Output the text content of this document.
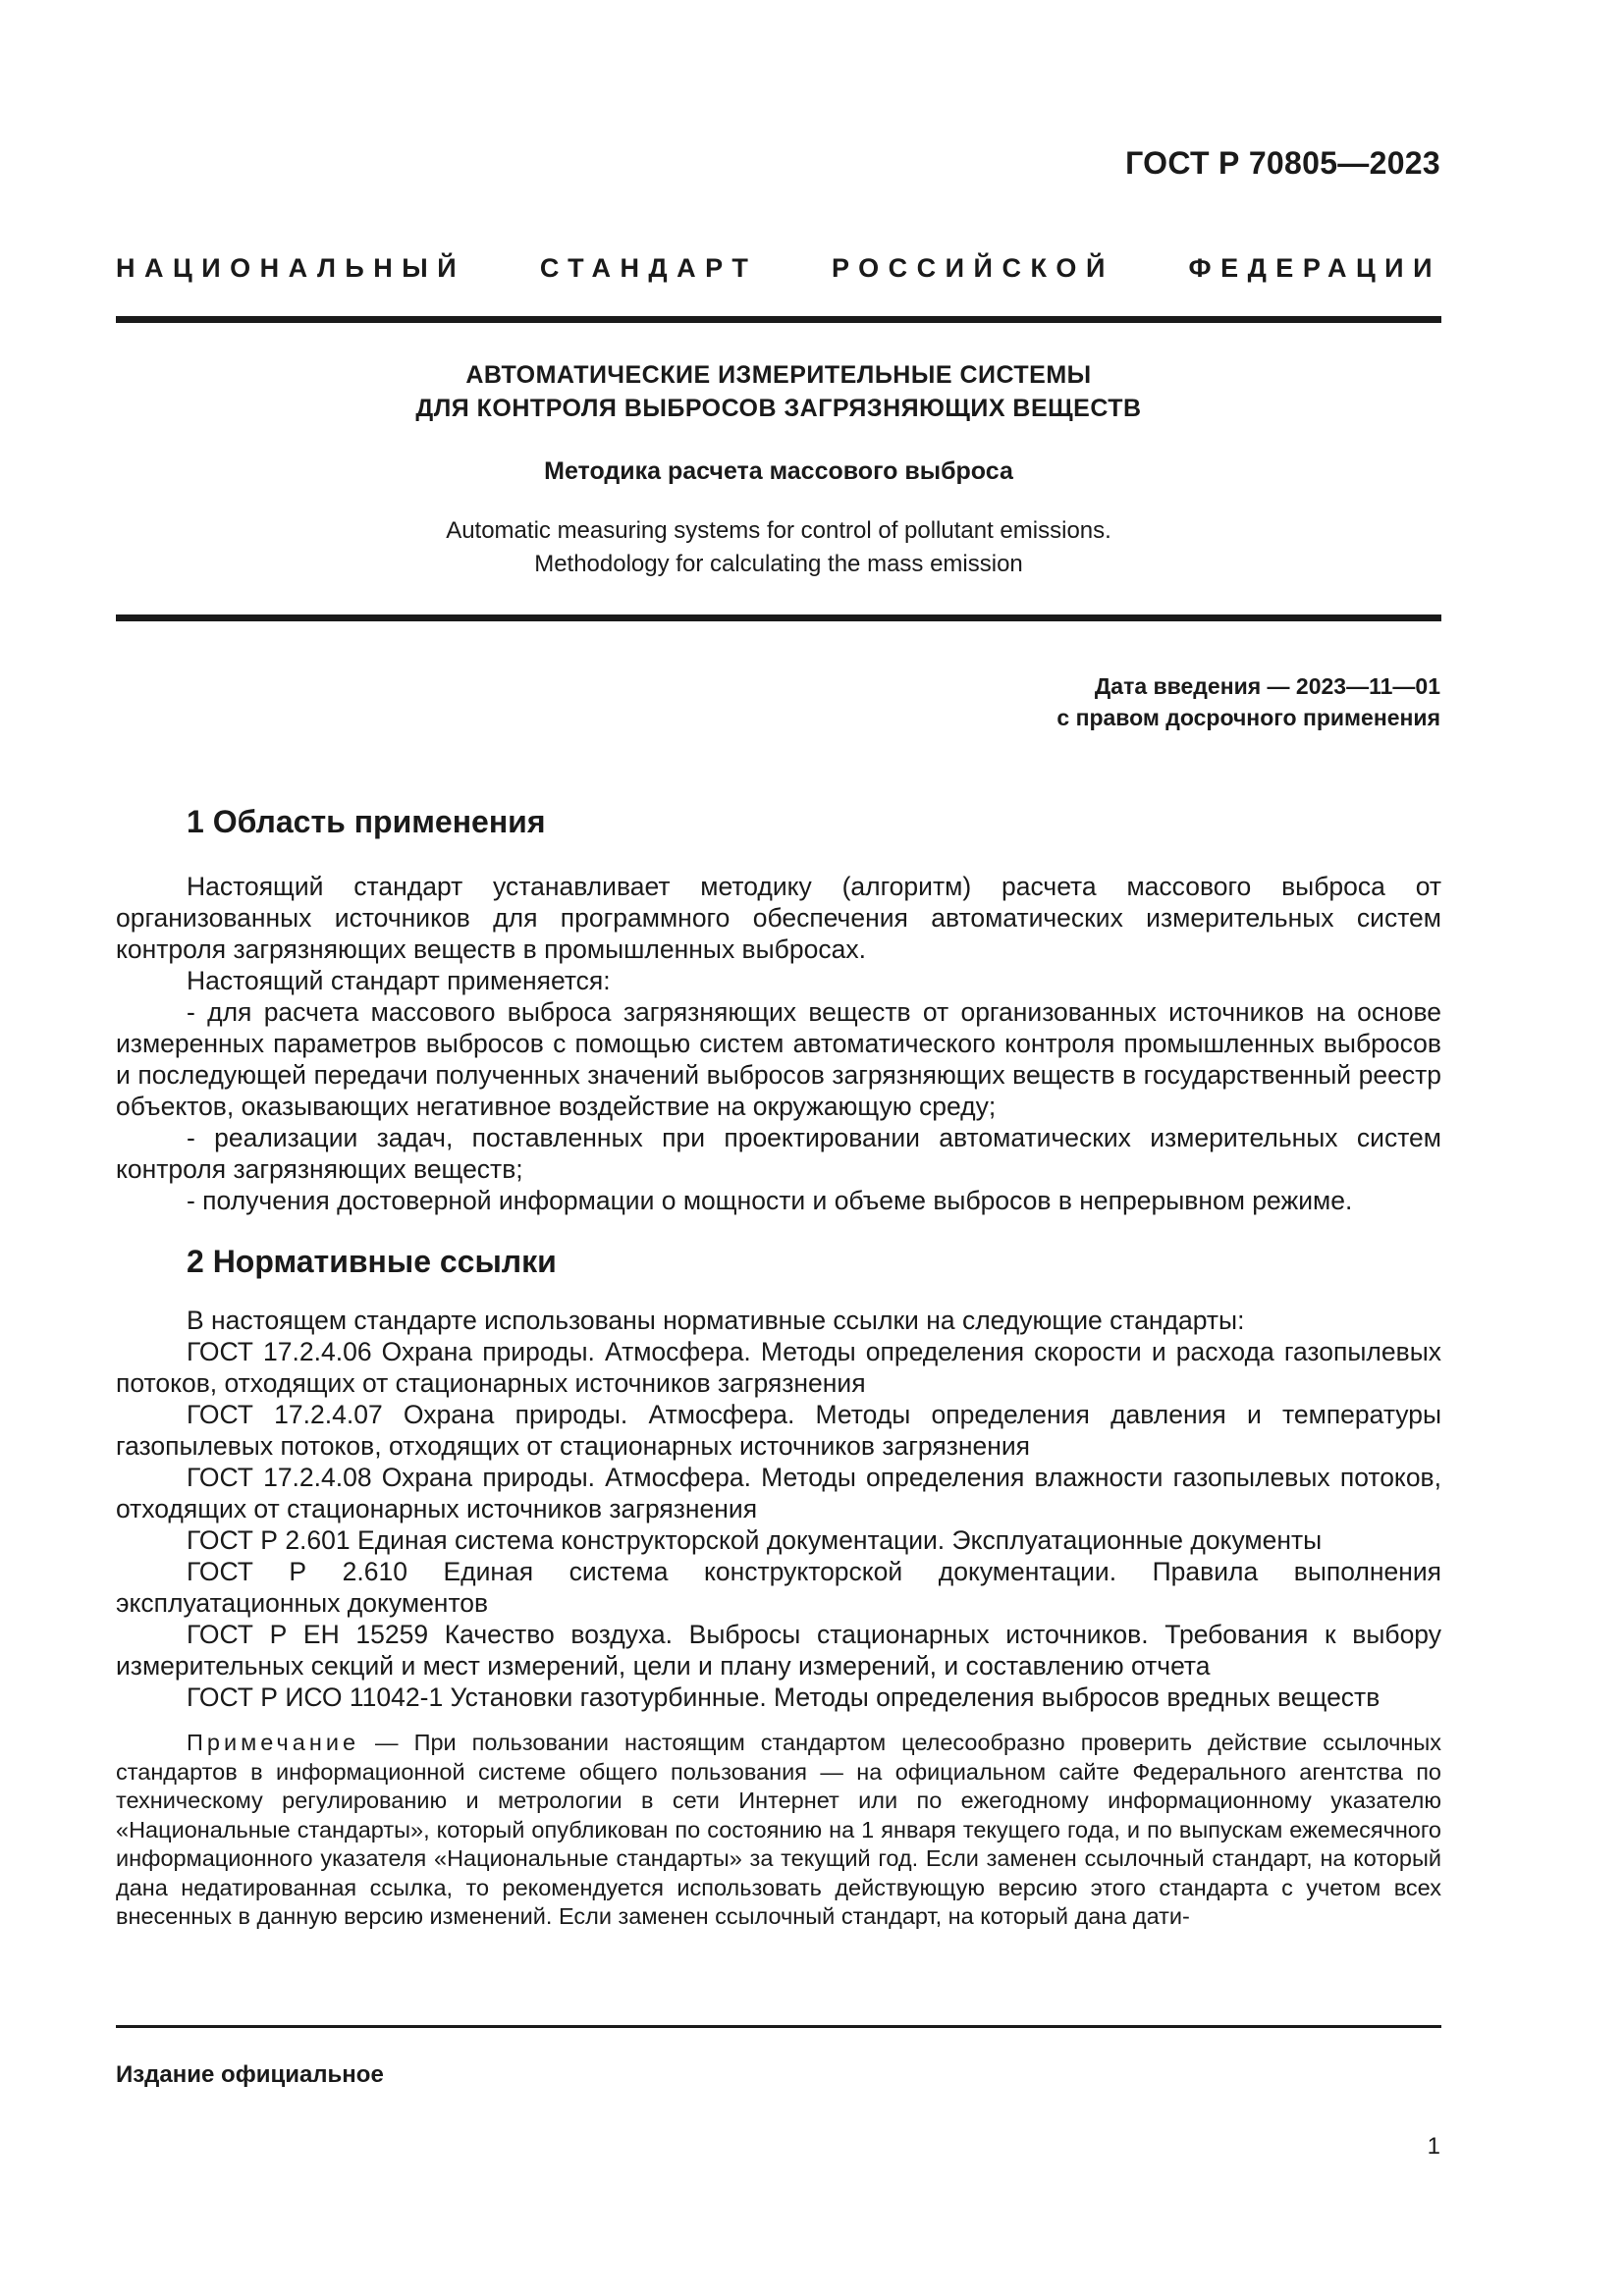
ГОСТ Р 70805—2023
НАЦИОНАЛЬНЫЙ СТАНДАРТ РОССИЙСКОЙ ФЕДЕРАЦИИ
АВТОМАТИЧЕСКИЕ ИЗМЕРИТЕЛЬНЫЕ СИСТЕМЫ
ДЛЯ КОНТРОЛЯ ВЫБРОСОВ ЗАГРЯЗНЯЮЩИХ ВЕЩЕСТВ
Методика расчета массового выброса
Automatic measuring systems for control of pollutant emissions.
Methodology for calculating the mass emission
Дата введения — 2023—11—01
с правом досрочного применения
1 Область применения

Настоящий стандарт устанавливает методику (алгоритм) расчета массового выброса от организованных источников для программного обеспечения автоматических измерительных систем контроля загрязняющих веществ в промышленных выбросах.

Настоящий стандарт применяется:

- для расчета массового выброса загрязняющих веществ от организованных источников на основе измеренных параметров выбросов с помощью систем автоматического контроля промышленных выбросов и последующей передачи полученных значений выбросов загрязняющих веществ в государственный реестр объектов, оказывающих негативное воздействие на окружающую среду;

- реализации задач, поставленных при проектировании автоматических измерительных систем контроля загрязняющих веществ;

- получения достоверной информации о мощности и объеме выбросов в непрерывном режиме.

2 Нормативные ссылки

В настоящем стандарте использованы нормативные ссылки на следующие стандарты:

ГОСТ 17.2.4.06 Охрана природы. Атмосфера. Методы определения скорости и расхода газопылевых потоков, отходящих от стационарных источников загрязнения

ГОСТ 17.2.4.07 Охрана природы. Атмосфера. Методы определения давления и температуры газопылевых потоков, отходящих от стационарных источников загрязнения

ГОСТ 17.2.4.08 Охрана природы. Атмосфера. Методы определения влажности газопылевых потоков, отходящих от стационарных источников загрязнения

ГОСТ Р 2.601 Единая система конструкторской документации. Эксплуатационные документы

ГОСТ Р 2.610 Единая система конструкторской документации. Правила выполнения эксплуатационных документов

ГОСТ Р ЕН 15259 Качество воздуха. Выбросы стационарных источников. Требования к выбору измерительных секций и мест измерений, цели и плану измерений, и составлению отчета

ГОСТ Р ИСО 11042-1 Установки газотурбинные. Методы определения выбросов вредных веществ

Примечание — При пользовании настоящим стандартом целесообразно проверить действие ссылочных стандартов в информационной системе общего пользования — на официальном сайте Федерального агентства по техническому регулированию и метрологии в сети Интернет или по ежегодному информационному указателю «Национальные стандарты», который опубликован по состоянию на 1 января текущего года, и по выпускам ежемесячного информационного указателя «Национальные стандарты» за текущий год. Если заменен ссылочный стандарт, на который дана недатированная ссылка, то рекомендуется использовать действующую версию этого стандарта с учетом всех внесенных в данную версию изменений. Если заменен ссылочный стандарт, на который дана дати-

Издание официальное
1
